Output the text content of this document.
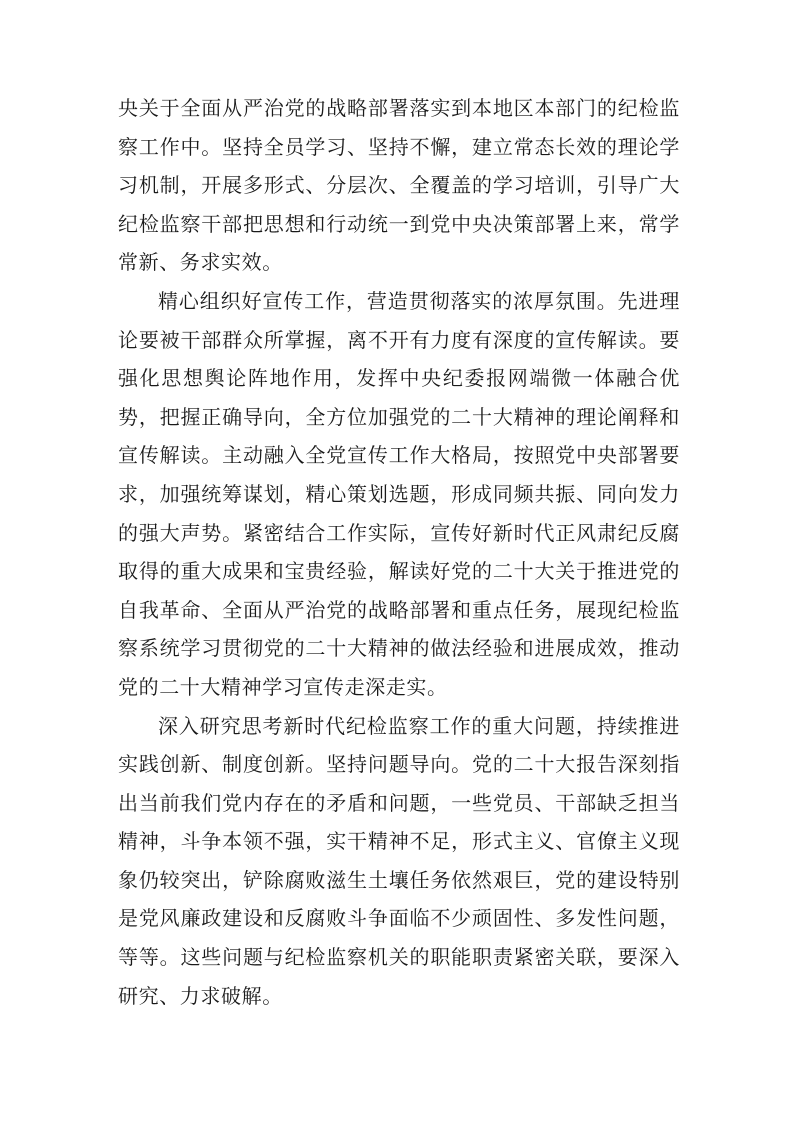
央关于全面从严治党的战略部署落实到本地区本部门的纪检监察工作中。坚持全员学习、坚持不懈，建立常态长效的理论学习机制，开展多形式、分层次、全覆盖的学习培训，引导广大纪检监察干部把思想和行动统一到党中央决策部署上来，常学常新、务求实效。

精心组织好宣传工作，营造贯彻落实的浓厚氛围。先进理论要被干部群众所掌握，离不开有力度有深度的宣传解读。要强化思想舆论阵地作用，发挥中央纪委报网端微一体融合优势，把握正确导向，全方位加强党的二十大精神的理论阐释和宣传解读。主动融入全党宣传工作大格局，按照党中央部署要求，加强统筹谋划，精心策划选题，形成同频共振、同向发力的强大声势。紧密结合工作实际，宣传好新时代正风肃纪反腐取得的重大成果和宝贵经验，解读好党的二十大关于推进党的自我革命、全面从严治党的战略部署和重点任务，展现纪检监察系统学习贯彻党的二十大精神的做法经验和进展成效，推动党的二十大精神学习宣传走深走实。

深入研究思考新时代纪检监察工作的重大问题，持续推进实践创新、制度创新。坚持问题导向。党的二十大报告深刻指出当前我们党内存在的矛盾和问题，一些党员、干部缺乏担当精神，斗争本领不强，实干精神不足，形式主义、官僚主义现象仍较突出，铲除腐败滋生土壤任务依然艰巨，党的建设特别是党风廉政建设和反腐败斗争面临不少顽固性、多发性问题，等等。这些问题与纪检监察机关的职能职责紧密关联，要深入研究、力求破解。
